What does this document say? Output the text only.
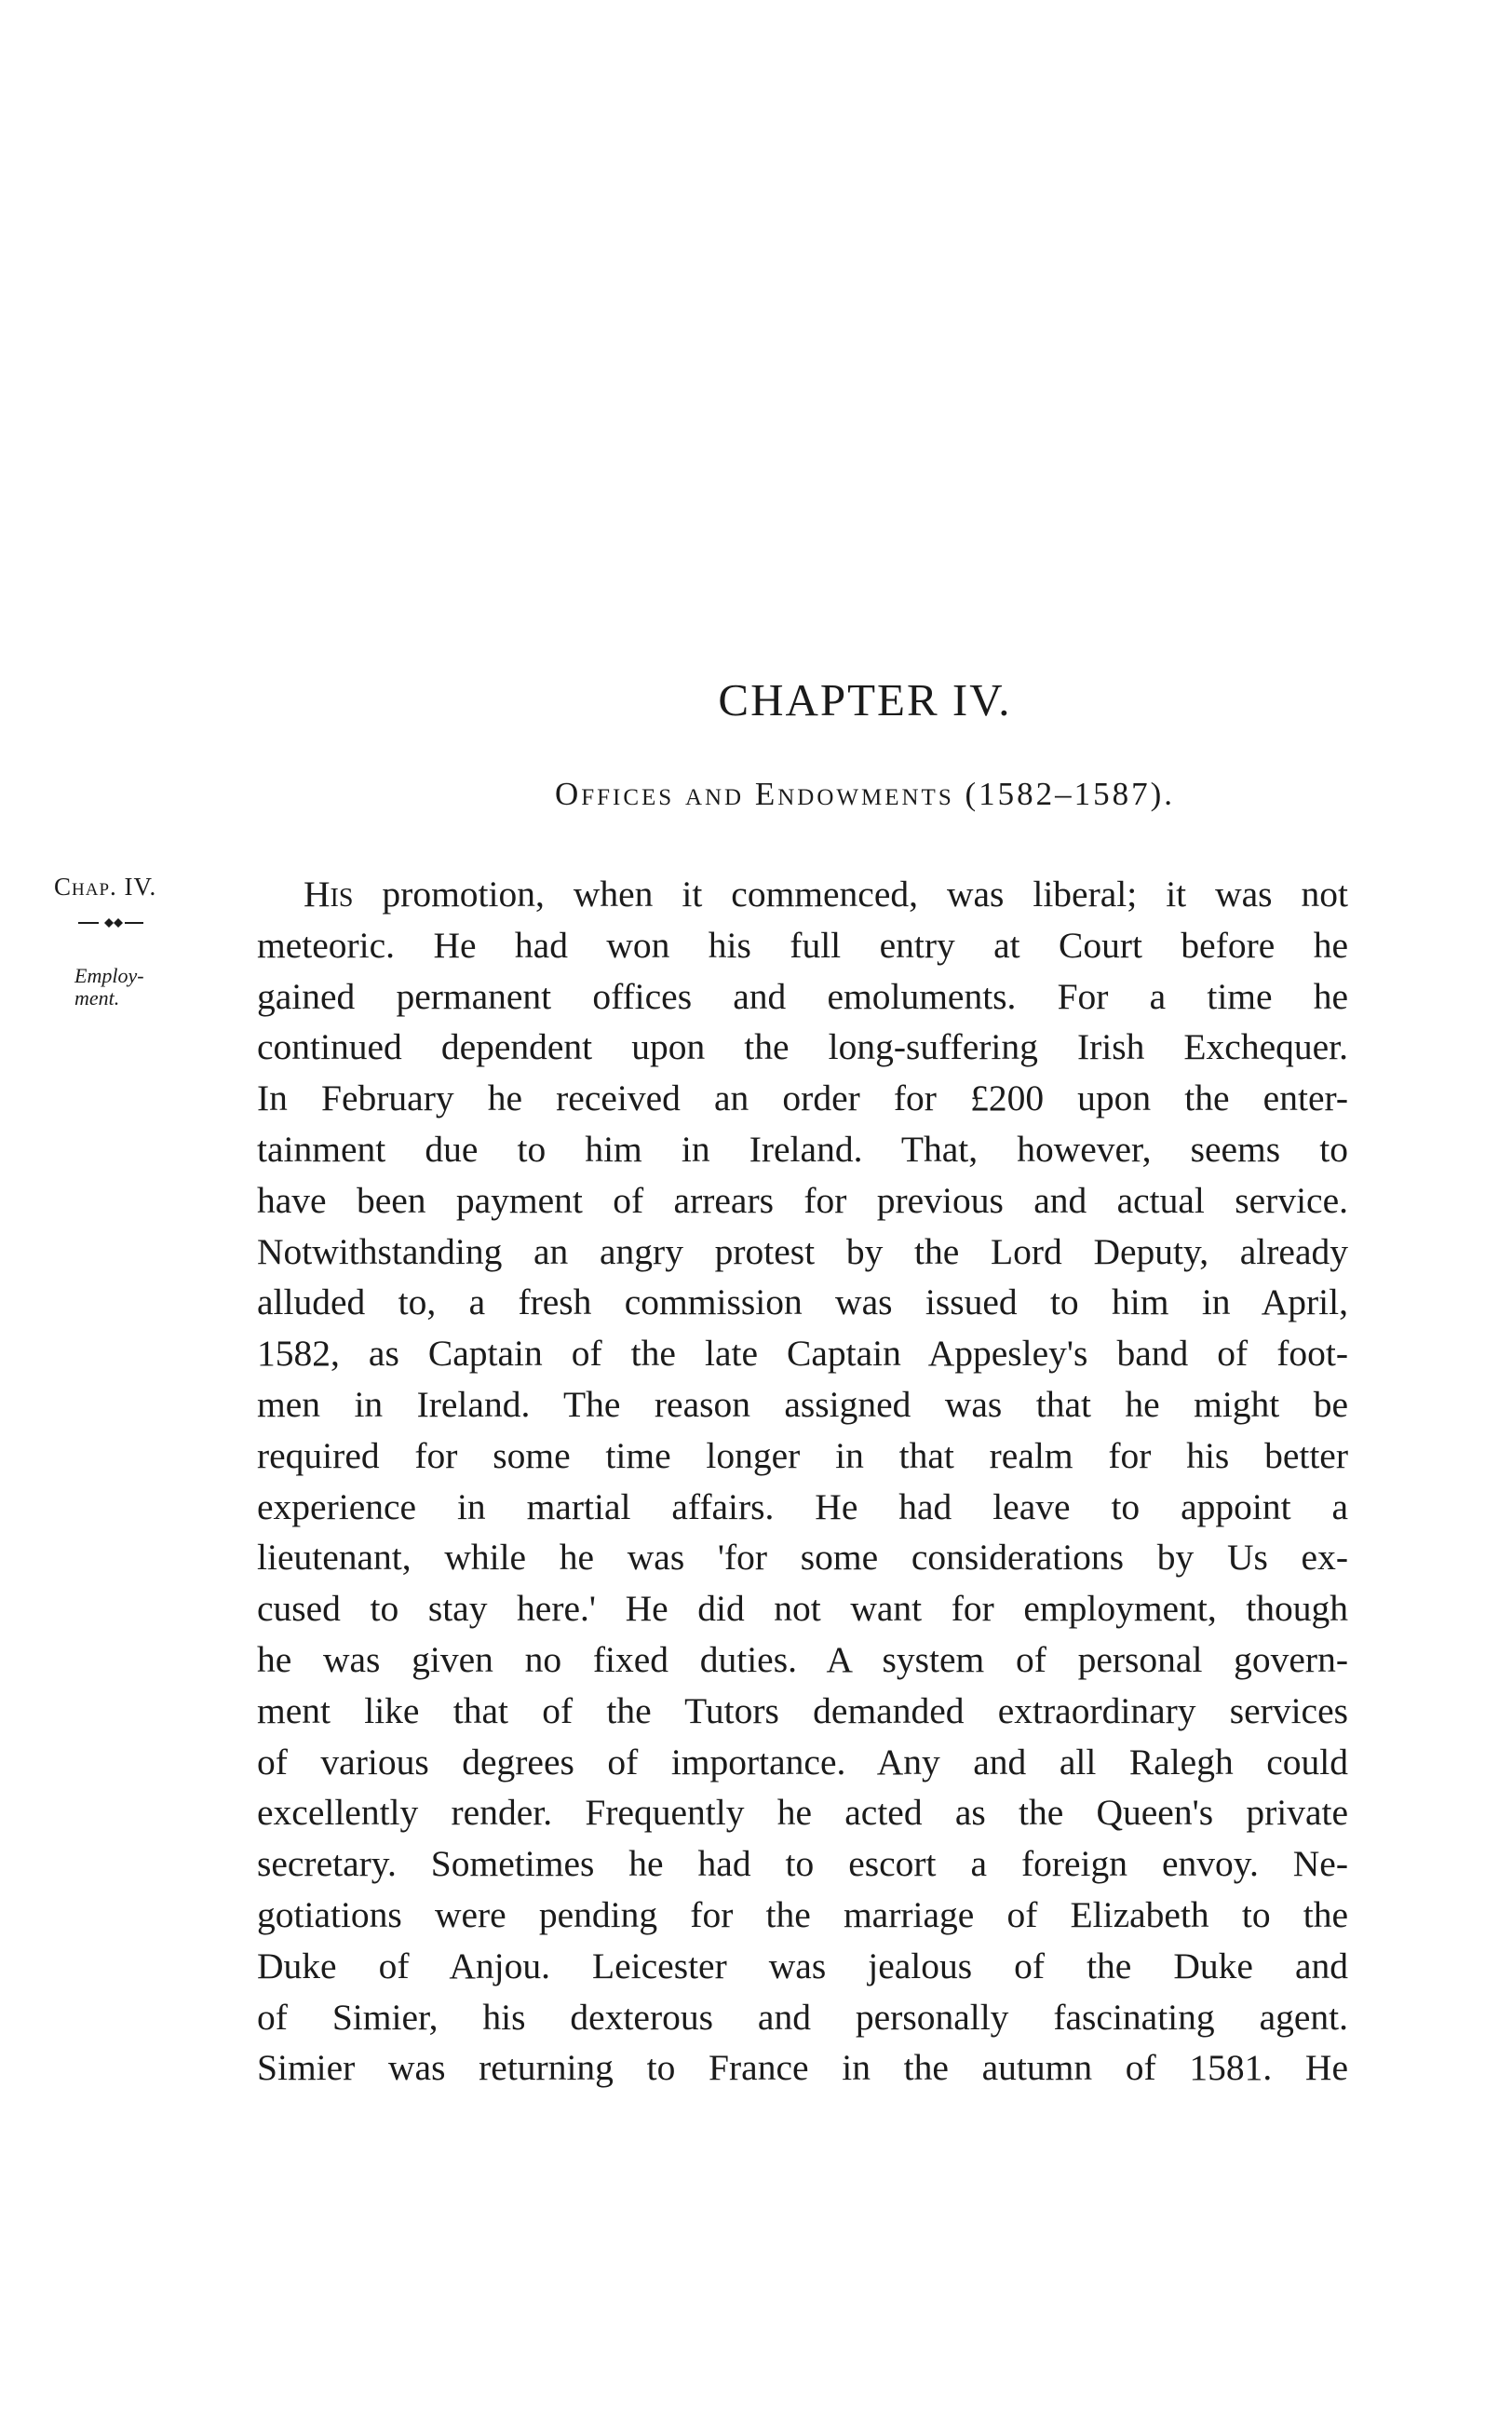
CHAPTER IV.
Offices and Endowments (1582–1587).
Chap. IV.
Employ-
ment.
His promotion, when it commenced, was liberal; it was not
meteoric. He had won his full entry at Court before he
gained permanent offices and emoluments. For a time he
continued dependent upon the long-suffering Irish Exchequer.
In February he received an order for £200 upon the enter-
tainment due to him in Ireland. That, however, seems to
have been payment of arrears for previous and actual service.
Notwithstanding an angry protest by the Lord Deputy, already
alluded to, a fresh commission was issued to him in April,
1582, as Captain of the late Captain Appesley's band of foot-
men in Ireland. The reason assigned was that he might be
required for some time longer in that realm for his better
experience in martial affairs. He had leave to appoint a
lieutenant, while he was 'for some considerations by Us ex-
cused to stay here.' He did not want for employment, though
he was given no fixed duties. A system of personal govern-
ment like that of the Tutors demanded extraordinary services
of various degrees of importance. Any and all Ralegh could
excellently render. Frequently he acted as the Queen's private
secretary. Sometimes he had to escort a foreign envoy. Ne-
gotiations were pending for the marriage of Elizabeth to the
Duke of Anjou. Leicester was jealous of the Duke and
of Simier, his dexterous and personally fascinating agent.
Simier was returning to France in the autumn of 1581. He
